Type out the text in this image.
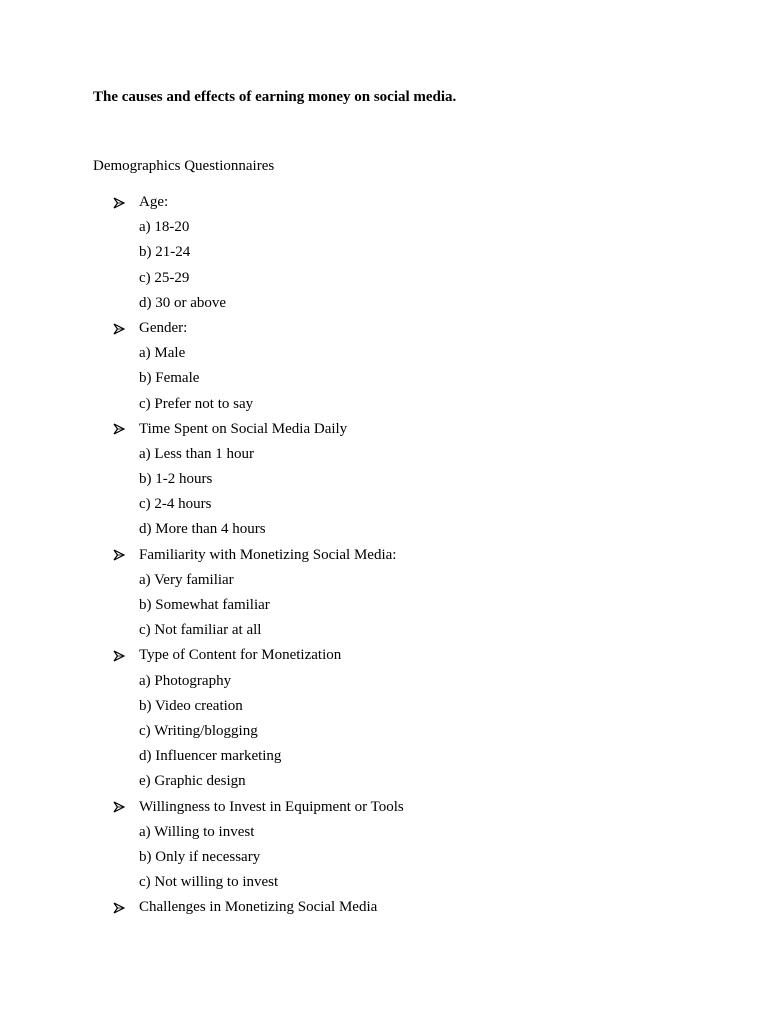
The causes and effects of earning money on social media.
Demographics Questionnaires
Age:
a) 18-20
b) 21-24
c) 25-29
d) 30 or above
Gender:
a) Male
b) Female
c) Prefer not to say
Time Spent on Social Media Daily
a) Less than 1 hour
b) 1-2 hours
c) 2-4 hours
d) More than 4 hours
Familiarity with Monetizing Social Media:
a) Very familiar
b) Somewhat familiar
c) Not familiar at all
Type of Content for Monetization
a) Photography
b) Video creation
c) Writing/blogging
d) Influencer marketing
e) Graphic design
Willingness to Invest in Equipment or Tools
a) Willing to invest
b) Only if necessary
c) Not willing to invest
Challenges in Monetizing Social Media
